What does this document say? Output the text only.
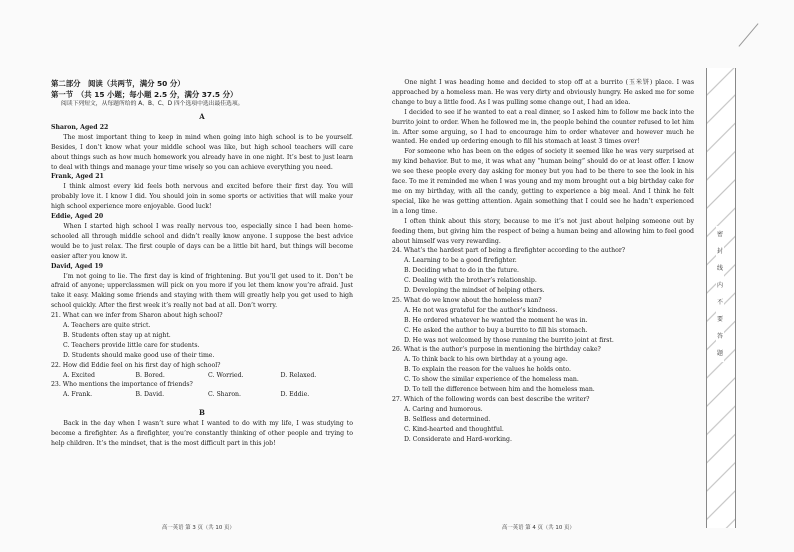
第二部分　阅读（共两节，满分 50 分）

第一节　（共 15 小题；每小题 2.5 分，满分 37.5 分）

阅读下列短文，从每题所给的 A、B、C、D 四个选项中选出最佳选项。

A

Sharon, Aged 22

The most important thing to keep in mind when going into high school is to be yourself. Besides, I don’t know what your middle school was like, but high school teachers will care about things such as how much homework you already have in one night. It’s best to just learn to deal with things and manage your time wisely so you can achieve everything you need.

Frank, Aged 21

I think almost every kid feels both nervous and excited before their first day. You will probably love it. I know I did. You should join in some sports or activities that will make your high school experience more enjoyable. Good luck!

Eddie, Aged 20

When I started high school I was really nervous too, especially since I had been home-schooled all through middle school and didn’t really know anyone. I suppose the best advice would be to just relax. The first couple of days can be a little bit hard, but things will become easier after you know it.

David, Aged 19

I’m not going to lie. The first day is kind of frightening. But you’ll get used to it. Don’t be afraid of anyone; upperclassmen will pick on you more if you let them know you’re afraid. Just take it easy. Making some friends and staying with them will greatly help you get used to high school quickly. After the first week it’s really not bad at all. Don’t worry.

21. What can we infer from Sharon about high school?

A. Teachers are quite strict.

B. Students often stay up at night.

C. Teachers provide little care for students.

D. Students should make good use of their time.

22. How did Eddie feel on his first day of high school?

A. Excited	B. Bored.	C. Worried.	D. Relaxed.

23. Who mentions the importance of friends?

A. Frank.	B. David.	C. Sharon.	D. Eddie.

B

Back in the day when I wasn’t sure what I wanted to do with my life, I was studying to become a firefighter. As a firefighter, you’re constantly thinking of other people and trying to help children. It’s the mindset, that is the most difficult part in this job!

One night I was heading home and decided to stop off at a burrito (玉米饼) place. I was approached by a homeless man. He was very dirty and obviously hungry. He asked me for some change to buy a little food. As I was pulling some change out, I had an idea.

I decided to see if he wanted to eat a real dinner, so I asked him to follow me back into the burrito joint to order. When he followed me in, the people behind the counter refused to let him in. After some arguing, so I had to encourage him to order whatever and however much he wanted. He ended up ordering enough to fill his stomach at least 3 times over!

For someone who has been on the edges of society it seemed like he was very surprised at my kind behavior. But to me, it was what any “human being” should do or at least offer. I know we see these people every day asking for money but you had to be there to see the look in his face. To me it reminded me when I was young and my mom brought out a big birthday cake for me on my birthday, with all the candy, getting to experience a big meal. And I think he felt special, like he was getting attention. Again something that I could see he hadn’t experienced in a long time.

I often think about this story, because to me it’s not just about helping someone out by feeding them, but giving him the respect of being a human being and allowing him to feel good about himself was very rewarding.

24. What’s the hardest part of being a firefighter according to the author?

A. Learning to be a good firefighter.

B. Deciding what to do in the future.

C. Dealing with the brother’s relationship.

D. Developing the mindset of helping others.

25. What do we know about the homeless man?

A. He not was grateful for the author’s kindness.

B. He ordered whatever he wanted the moment he was in.

C. He asked the author to buy a burrito to fill his stomach.

D. He was not welcomed by those running the burrito joint at first.

26. What is the author’s purpose in mentioning the birthday cake?

A. To think back to his own birthday at a young age.

B. To explain the reason for the values he holds onto.

C. To show the similar experience of the homeless man.

D. To tell the difference between him and the homeless man.

27. Which of the following words can best describe the writer?

A. Caring and humorous.

B. Selfless and determined.

C. Kind-hearted and thoughtful.

D. Considerate and Hard-working.

密
封
线
内
不
要
答
题
高一英语 第 3 页（共 10 页）	高一英语 第 4 页（共 10 页）
